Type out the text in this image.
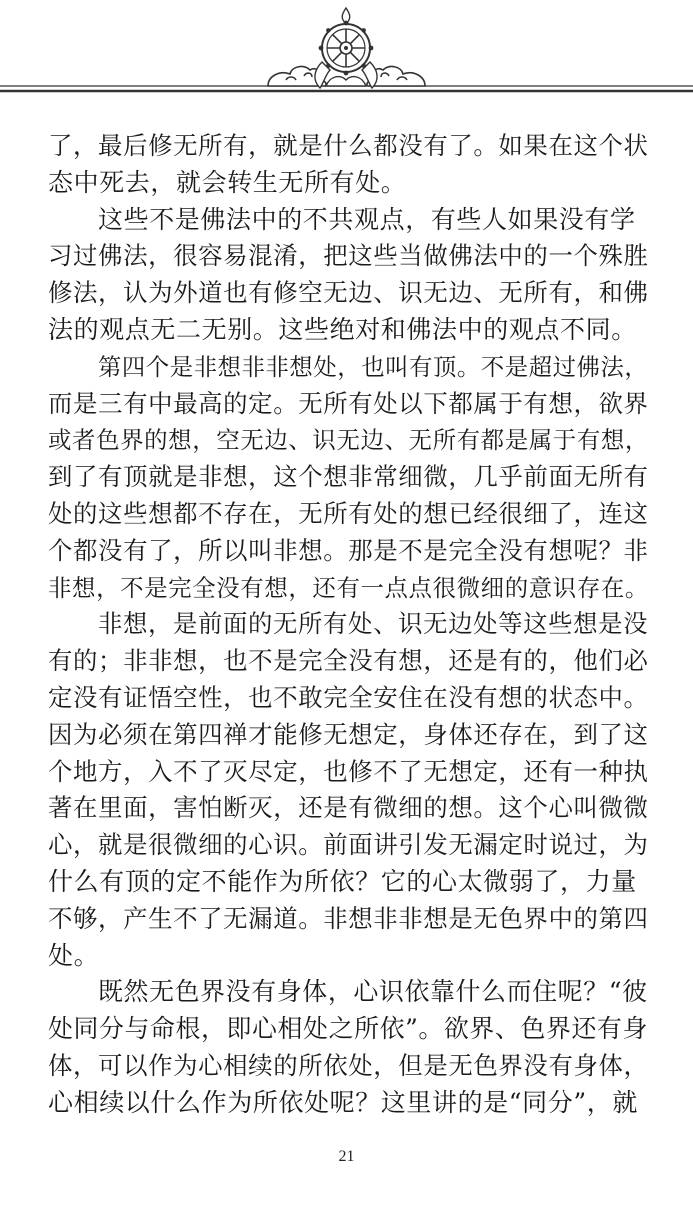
了，最后修无所有，就是什么都没有了。如果在这个状
态中死去，就会转生无所有处。

这些不是佛法中的不共观点，有些人如果没有学
习过佛法，很容易混淆，把这些当做佛法中的一个殊胜
修法，认为外道也有修空无边、识无边、无所有，和佛
法的观点无二无别。这些绝对和佛法中的观点不同。

第四个是非想非非想处，也叫有顶。不是超过佛法，
而是三有中最高的定。无所有处以下都属于有想，欲界
或者色界的想，空无边、识无边、无所有都是属于有想，
到了有顶就是非想，这个想非常细微，几乎前面无所有
处的这些想都不存在，无所有处的想已经很细了，连这
个都没有了，所以叫非想。那是不是完全没有想呢？非
非想，不是完全没有想，还有一点点很微细的意识存在。

非想，是前面的无所有处、识无边处等这些想是没
有的；非非想，也不是完全没有想，还是有的，他们必
定没有证悟空性，也不敢完全安住在没有想的状态中。
因为必须在第四禅才能修无想定，身体还存在，到了这
个地方，入不了灭尽定，也修不了无想定，还有一种执
著在里面，害怕断灭，还是有微细的想。这个心叫微微
心，就是很微细的心识。前面讲引发无漏定时说过，为
什么有顶的定不能作为所依？它的心太微弱了，力量
不够，产生不了无漏道。非想非非想是无色界中的第四
处。

既然无色界没有身体，心识依靠什么而住呢？“彼
处同分与命根，即心相处之所依”。欲界、色界还有身
体，可以作为心相续的所依处，但是无色界没有身体，
心相续以什么作为所依处呢？这里讲的是“同分”，就

21
